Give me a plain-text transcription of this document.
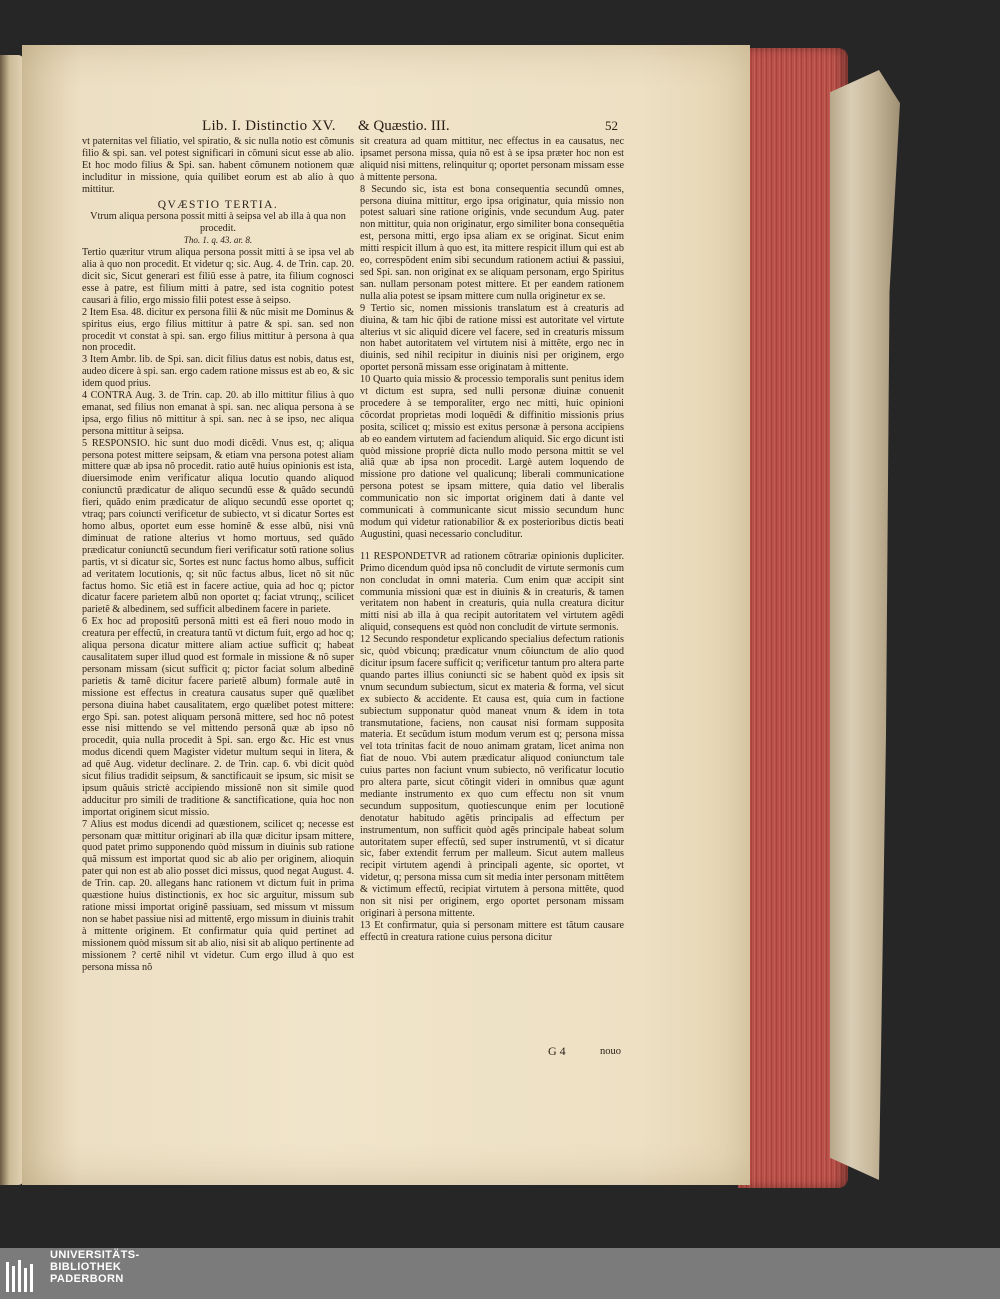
Lib. I. Distinctio XV. & Quæstio. III.	52

vt paternitas vel filiatio, vel spiratio, & sic nulla notio est cõmunis filio & spi. san. vel potest significari in cõmuni sicut esse ab alio. Et hoc modo filius & Spi. san. habent cõmunem notionem quæ includitur in missione, quia quilibet eorum est ab alio à quo mittitur.

QVÆSTIO TERTIA.
Vtrum aliqua persona possit mitti à seipsa vel ab illa à qua non procedit.
Tho. 1. q. 43. ar. 8.

Tertio quæritur vtrum aliqua persona possit mitti à se ipsa vel ab alia à quo non procedit. Et videtur q; sic. Aug. 4. de Trin. cap. 20. dicit sic, Sicut generari est filiũ esse à patre, ita filium cognosci esse à patre, est filium mitti à patre, sed ista cognitio potest causari à filio, ergo missio filii potest esse à seipso.

2 Item Esa. 48. dicitur ex persona filii & nũc misit me Dominus & spiritus eius, ergo filius mittitur à patre & spi. san. sed non procedit vt constat à spi. san. ergo filius mittitur à persona à qua non procedit.

3 Item Ambr. lib. de Spi. san. dicit filius datus est nobis, datus est, audeo dicere à spi. san. ergo cadem ratione missus est ab eo, & sic idem quod prius.

4 CONTRA Aug. 3. de Trin. cap. 20. ab illo mittitur filius à quo emanat, sed filius non emanat à spi. san. nec aliqua persona à se ipsa, ergo filius nõ mittitur à spi. san. nec à se ipso, nec aliqua persona mittitur à seipsa.

5 RESPONSIO. hic sunt duo modi dicẽdi. Vnus est, q; aliqua persona potest mittere seipsam, & etiam vna persona potest aliam mittere quæ ab ipsa nõ procedit. ratio autẽ huius opinionis est ista, diuersimode enim verificatur aliqua locutio quando aliquod coniunctũ prædicatur de aliquo secundũ esse & quãdo secundũ fieri, quãdo enim prædicatur de aliquo secundũ esse oportet q; vtraq; pars coiuncti verificetur de subiecto, vt si dicatur Sortes est homo albus, oportet eum esse hominẽ & esse albũ, nisi vnũ diminuat de ratione alterius vt homo mortuus, sed quãdo prædicatur coniunctũ secundum fieri verificatur sotũ ratione solius partis, vt si dicatur sic, Sortes est nunc factus homo albus, sufficit ad veritatem locutionis, q; sit nũc factus albus, licet nõ sit nũc factus homo. Sic etiã est in facere actiue, quia ad hoc q; pictor dicatur facere parietem albũ non oportet q; faciat vtrunq;, scilicet parietẽ & albedinem, sed sufficit albedinem facere in pariete.

6 Ex hoc ad propositũ personã mitti est eã fieri nouo modo in creatura per effectũ, in creatura tantũ vt dictum fuit, ergo ad hoc q; aliqua persona dicatur mittere aliam actiue sufficit q; habeat causalitatem super illud quod est formale in missione & nõ super personam missam (sicut sufficit q; pictor faciat solum albedinẽ parietis & tamẽ dicitur facere parietẽ album) formale autẽ in missione est effectus in creatura causatus super quẽ quælibet persona diuina habet causalitatem, ergo quælibet potest mittere: ergo Spi. san. potest aliquam personã mittere, sed hoc nõ potest esse nisi mittendo se vel mittendo personã quæ ab ipso nõ procedit, quia nulla procedit à Spi. san. ergo &c. Hic est vnus modus dicendi quem Magister videtur multum sequi in litera, & ad quẽ Aug. videtur declinare. 2. de Trin. cap. 6. vbi dicit quòd sicut filius tradidit seipsum, & sanctificauit se ipsum, sic misit se ipsum quãuis strictè accipiendo missionẽ non sit simile quod adducitur pro simili de traditione & sanctificatione, quia hoc non importat originem sicut missio.

7 Alius est modus dicendi ad quæstionem, scilicet q; necesse est personam quæ mittitur originari ab illa quæ dicitur ipsam mittere, quod patet primo supponendo quòd missum in diuinis sub ratione quã missum est importat quod sic ab alio per originem, alioquin pater qui non est ab alio posset dici missus, quod negat August. 4. de Trin. cap. 20. allegans hanc rationem vt dictum fuit in prima quæstione huius distinctionis, ex hoc sic arguitur, missum sub ratione missi importat originẽ passiuam, sed missum vt missum non se habet passiue nisi ad mittentẽ, ergo missum in diuinis trahit à mittente originem. Et confirmatur quia quid pertinet ad missionem quòd missum sit ab alio, nisi sit ab aliquo pertinente ad missionem ? certẽ nihil vt videtur. Cum ergo illud à quo est persona missa nõ

sit creatura ad quam mittitur, nec effectus in ea causatus, nec ipsamet persona missa, quia nõ est à se ipsa præter hoc non est aliquid nisi mittens, relinquitur q; oportet personam missam esse à mittente persona.

8 Secundo sic, ista est bona consequentia secundũ omnes, persona diuina mittitur, ergo ipsa originatur, quia missio non potest saluari sine ratione originis, vnde secundum Aug. pater non mittitur, quia non originatur, ergo similiter bona consequẽtia est, persona mitti, ergo ipsa aliam ex se originat. Sicut enim mitti respicit illum à quo est, ita mittere respicit illum qui est ab eo, correspõdent enim sibi secundum rationem actiui & passiui, sed Spi. san. non originat ex se aliquam personam, ergo Spiritus san. nullam personam potest mittere. Et per eandem rationem nulla alia potest se ipsam mittere cum nulla originetur ex se.

9 Tertio sic, nomen missionis translatum est à creaturis ad diuina, & tam hic q̃ibi de ratione missi est autoritate vel virtute alterius vt sic aliquid dicere vel facere, sed in creaturis missum non habet autoritatem vel virtutem nisi à mittẽte, ergo nec in diuinis, sed nihil recipitur in diuinis nisi per originem, ergo oportet personã missam esse originatam à mittente.

10 Quarto quia missio & processio temporalis sunt penitus idem vt dictum est supra, sed nulli personæ diuinæ conuenit procedere à se temporaliter, ergo nec mitti, huic opinioni cõcordat proprietas modi loquẽdi & diffinitio missionis prius posita, scilicet q; missio est exitus personæ à persona accipiens ab eo eandem virtutem ad faciendum aliquid. Sic ergo dicunt isti quòd missione propriè dicta nullo modo persona mittit se vel aliã quæ ab ipsa non procedit. Largè autem loquendo de missione pro datione vel qualicunq; liberali communicatione persona potest se ipsam mittere, quia datio vel liberalis communicatio non sic importat originem dati à dante vel communicati à communicante sicut missio secundum hunc modum qui videtur rationabilior & ex posterioribus dictis beati Augustini, quasi necessario concluditur.

11 RESPONDETVR ad rationem cõtrariæ opinionis dupliciter. Primo dicendum quòd ipsa nõ concludit de virtute sermonis cum non concludat in omni materia. Cum enim quæ accipit sint communia missioni quæ est in diuinis & in creaturis, & tamen veritatem non habent in creaturis, quia nulla creatura dicitur mitti nisi ab illa à qua recipit autoritatem vel virtutem agẽdi aliquid, consequens est quòd non concludit de virtute sermonis.

12 Secundo respondetur explicando specialius defectum rationis sic, quòd vbicunq; prædicatur vnum cõiunctum de alio quod dicitur ipsum facere sufficit q; verificetur tantum pro altera parte quando partes illius coniuncti sic se habent quòd ex ipsis sit vnum secundum subiectum, sicut ex materia & forma, vel sicut ex subiecto & accidente. Et causa est, quia cum in factione subiectum supponatur quòd maneat vnum & idem in tota transmutatione, faciens, non causat nisi formam supposita materia. Et secũdum istum modum verum est q; persona missa vel tota trinitas facit de nouo animam gratam, licet anima non fiat de nouo. Vbi autem prædicatur aliquod coniunctum tale cuius partes non faciunt vnum subiecto, nõ verificatur locutio pro altera parte, sicut cõtingit videri in omnibus quæ agunt mediante instrumento ex quo cum effectu non sit vnum secundum suppositum, quotiescunque enim per locutionẽ denotatur habitudo agẽtis principalis ad effectum per instrumentum, non sufficit quòd agẽs principale habeat solum autoritatem super effectũ, sed super instrumentũ, vt si dicatur sic, faber extendit ferrum per malleum. Sicut autem malleus recipit virtutem agendi à principali agente, sic oportet, vt videtur, q; persona missa cum sit media inter personam mittẽtem & victimum effectũ, recipiat virtutem à persona mittẽte, quod non sit nisi per originem, ergo oportet personam missam originari à persona mittente.

13 Et confirmatur, quia si personam mittere est tãtum causare effectũ in creatura ratione cuius persona dicitur

G 4	nouo
UNIVERSITÄTS-
BIBLIOTHEK
PADERBORN
